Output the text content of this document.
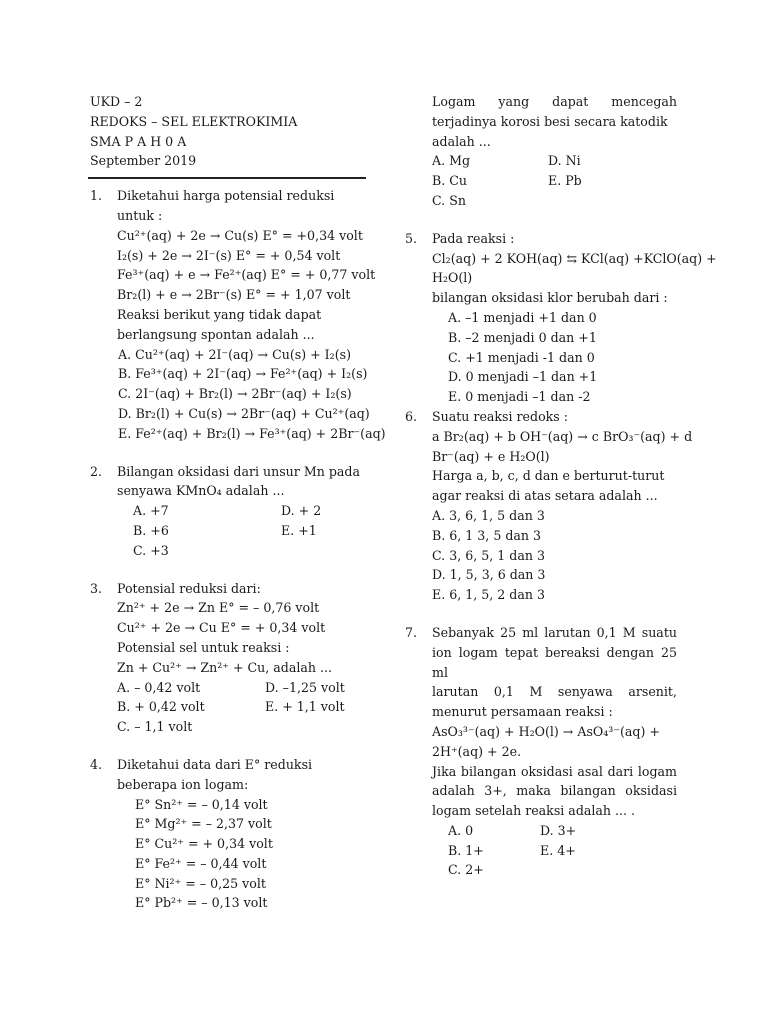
UKD – 2
REDOKS – SEL ELEKTROKIMIA
SMA P A H 0 A
September 2019
1.	Diketahui harga potensial reduksi
untuk :
Cu²⁺(aq) + 2e → Cu(s) E° = +0,34 volt
I₂(s) + 2e → 2I⁻(s) E° = + 0,54 volt
Fe³⁺(aq) + e → Fe²⁺(aq) E° = + 0,77 volt
Br₂(l) + e → 2Br⁻(s) E° = + 1,07 volt
Reaksi berikut yang tidak dapat
berlangsung spontan adalah ...
A. Cu²⁺(aq) + 2I⁻(aq) → Cu(s) + I₂(s)
B. Fe³⁺(aq) + 2I⁻(aq) → Fe²⁺(aq) + I₂(s)
C. 2I⁻(aq) + Br₂(l) → 2Br⁻(aq) + I₂(s)
D. Br₂(l) + Cu(s) → 2Br⁻(aq) + Cu²⁺(aq)
E. Fe²⁺(aq) + Br₂(l) → Fe³⁺(aq) + 2Br⁻(aq)
2.	Bilangan oksidasi dari unsur Mn pada
senyawa KMnO₄ adalah ...
A. +7	D. + 2
B. +6	E. +1
C. +3
3.	Potensial reduksi dari:
Zn²⁺ + 2e → Zn E° = – 0,76 volt
Cu²⁺ + 2e → Cu E° = + 0,34 volt
Potensial sel untuk reaksi :
Zn + Cu²⁺ → Zn²⁺ + Cu, adalah ...
A. – 0,42 volt	D. –1,25 volt
B. + 0,42 volt	E. + 1,1 volt
C. – 1,1 volt
4.	Diketahui data dari E° reduksi
beberapa ion logam:
E° Sn²⁺ = – 0,14 volt
E° Mg²⁺ = – 2,37 volt
E° Cu²⁺ = + 0,34 volt
E° Fe²⁺ = – 0,44 volt
E° Ni²⁺ = – 0,25 volt
E° Pb²⁺ = – 0,13 volt
Logam yang dapat mencegah
terjadinya korosi besi secara katodik
adalah ...
A. Mg	D. Ni
B. Cu	E. Pb
C. Sn
5.	Pada reaksi :
Cl₂(aq) + 2 KOH(aq) ⇆ KCl(aq) +KClO(aq) +
H₂O(l)
bilangan oksidasi klor berubah dari :
A. –1 menjadi +1 dan 0
B. –2 menjadi 0 dan +1
C. +1 menjadi -1 dan 0
D. 0 menjadi –1 dan +1
E. 0 menjadi –1 dan -2
6.	Suatu reaksi redoks :
a Br₂(aq) + b OH⁻(aq) → c BrO₃⁻(aq) + d
Br⁻(aq) + e H₂O(l)
Harga a, b, c, d dan e berturut-turut
agar reaksi di atas setara adalah ...
A. 3, 6, 1, 5 dan 3
B. 6, 1 3, 5 dan 3
C. 3, 6, 5, 1 dan 3
D. 1, 5, 3, 6 dan 3
E. 6, 1, 5, 2 dan 3
7.	Sebanyak 25 ml larutan 0,1 M suatu
ion logam tepat bereaksi dengan 25 ml
larutan 0,1 M senyawa arsenit,
menurut persamaan reaksi :
AsO₃³⁻(aq) + H₂O(l) → AsO₄³⁻(aq) +
2H⁺(aq) + 2e.
Jika bilangan oksidasi asal dari logam
adalah 3+, maka bilangan oksidasi
logam setelah reaksi adalah ... .
A. 0	D. 3+
B. 1+	E. 4+
C. 2+
